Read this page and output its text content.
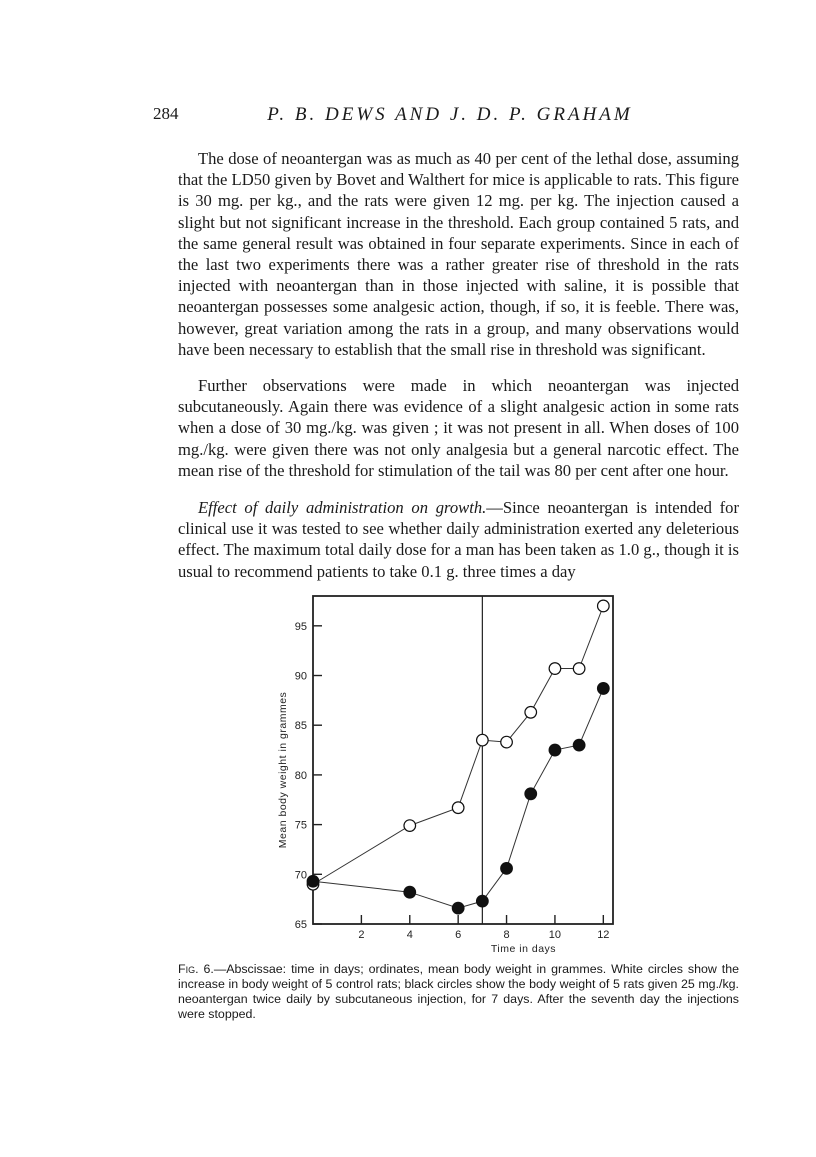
284	P. B. DEWS AND J. D. P. GRAHAM

The dose of neoantergan was as much as 40 per cent of the lethal dose, assuming that the LD50 given by Bovet and Walthert for mice is applicable to rats. This figure is 30 mg. per kg., and the rats were given 12 mg. per kg. The injection caused a slight but not significant increase in the threshold. Each group contained 5 rats, and the same general result was obtained in four separate experiments. Since in each of the last two experiments there was a rather greater rise of threshold in the rats injected with neoantergan than in those injected with saline, it is possible that neoantergan possesses some analgesic action, though, if so, it is feeble. There was, however, great variation among the rats in a group, and many observations would have been necessary to establish that the small rise in threshold was significant.

Further observations were made in which neoantergan was injected subcutaneously. Again there was evidence of a slight analgesic action in some rats when a dose of 30 mg./kg. was given ; it was not present in all. When doses of 100 mg./kg. were given there was not only analgesia but a general narcotic effect. The mean rise of the threshold for stimulation of the tail was 80 per cent after one hour.

Effect of daily administration on growth.—Since neoantergan is intended for clinical use it was tested to see whether daily administration exerted any deleterious effect. The maximum total daily dose for a man has been taken as 1.0 g., though it is usual to recommend patients to take 0.1 g. three times a day

65
70
75
80
85
90
95
2	4	6	8	10	12
Time in days
Mean body weight in grammes
Fig. 6.—Abscissae: time in days; ordinates, mean body weight in grammes. White circles show the increase in body weight of 5 control rats; black circles show the body weight of 5 rats given 25 mg./kg. neoantergan twice daily by subcutaneous injection, for 7 days. After the seventh day the injections were stopped.
